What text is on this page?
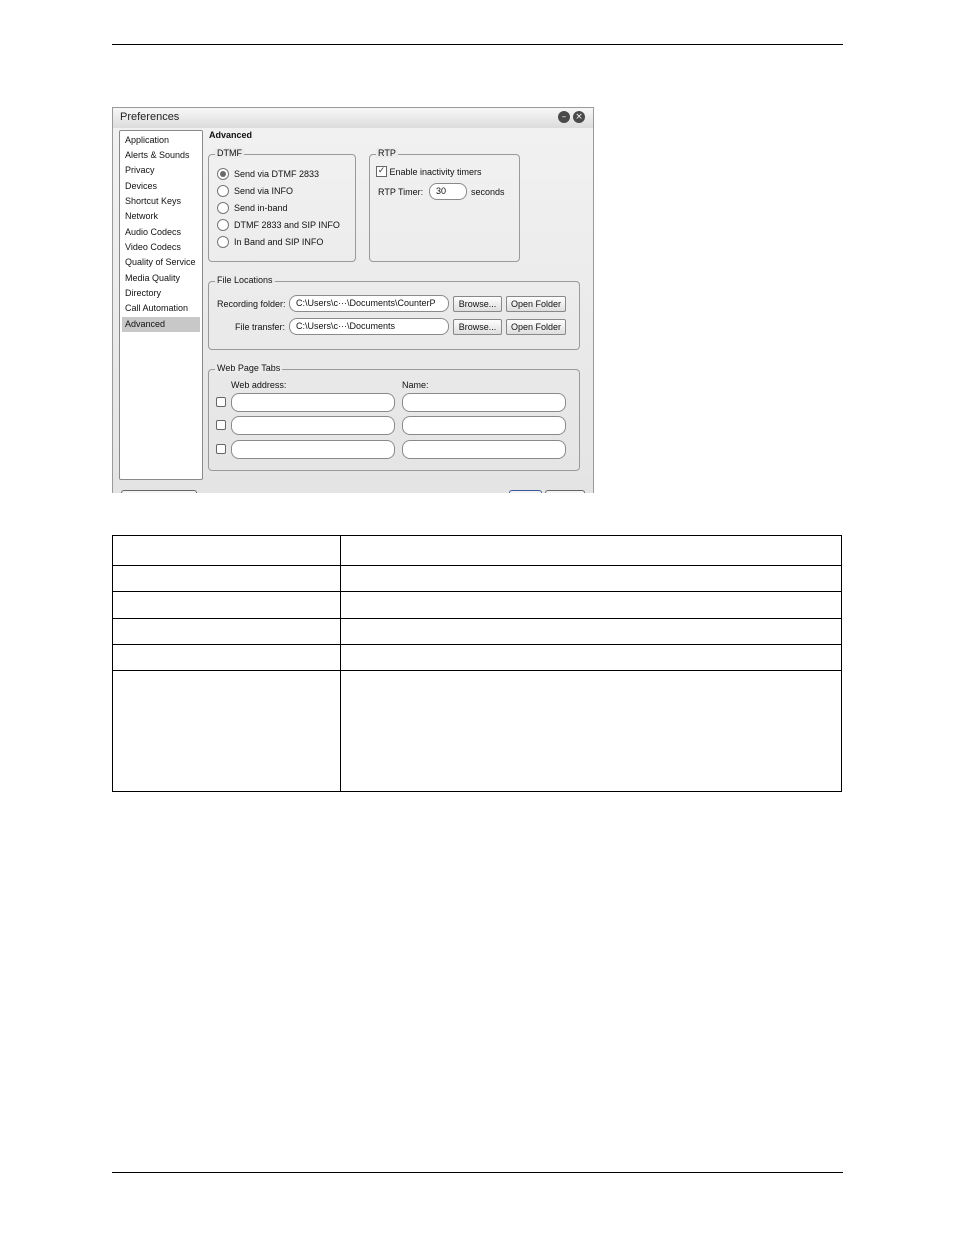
Preferences	– ×
Application
Alerts & Sounds
Privacy
Devices
Shortcut Keys
Network
Audio Codecs
Video Codecs
Quality of Service
Media Quality
Directory
Call Automation
Advanced
Advanced
DTMF
Send via DTMF 2833
Send via INFO
Send in-band
DTMF 2833 and SIP INFO
In Band and SIP INFO
RTP
✓ Enable inactivity timers
RTP Timer:	30	seconds
File Locations
Recording folder:	C:\Users\c···\Documents\CounterP	Browse...	Open Folder
File transfer:	C:\Users\c···\Documents	Browse...	Open Folder
Web Page Tabs
Web address:	Name:
